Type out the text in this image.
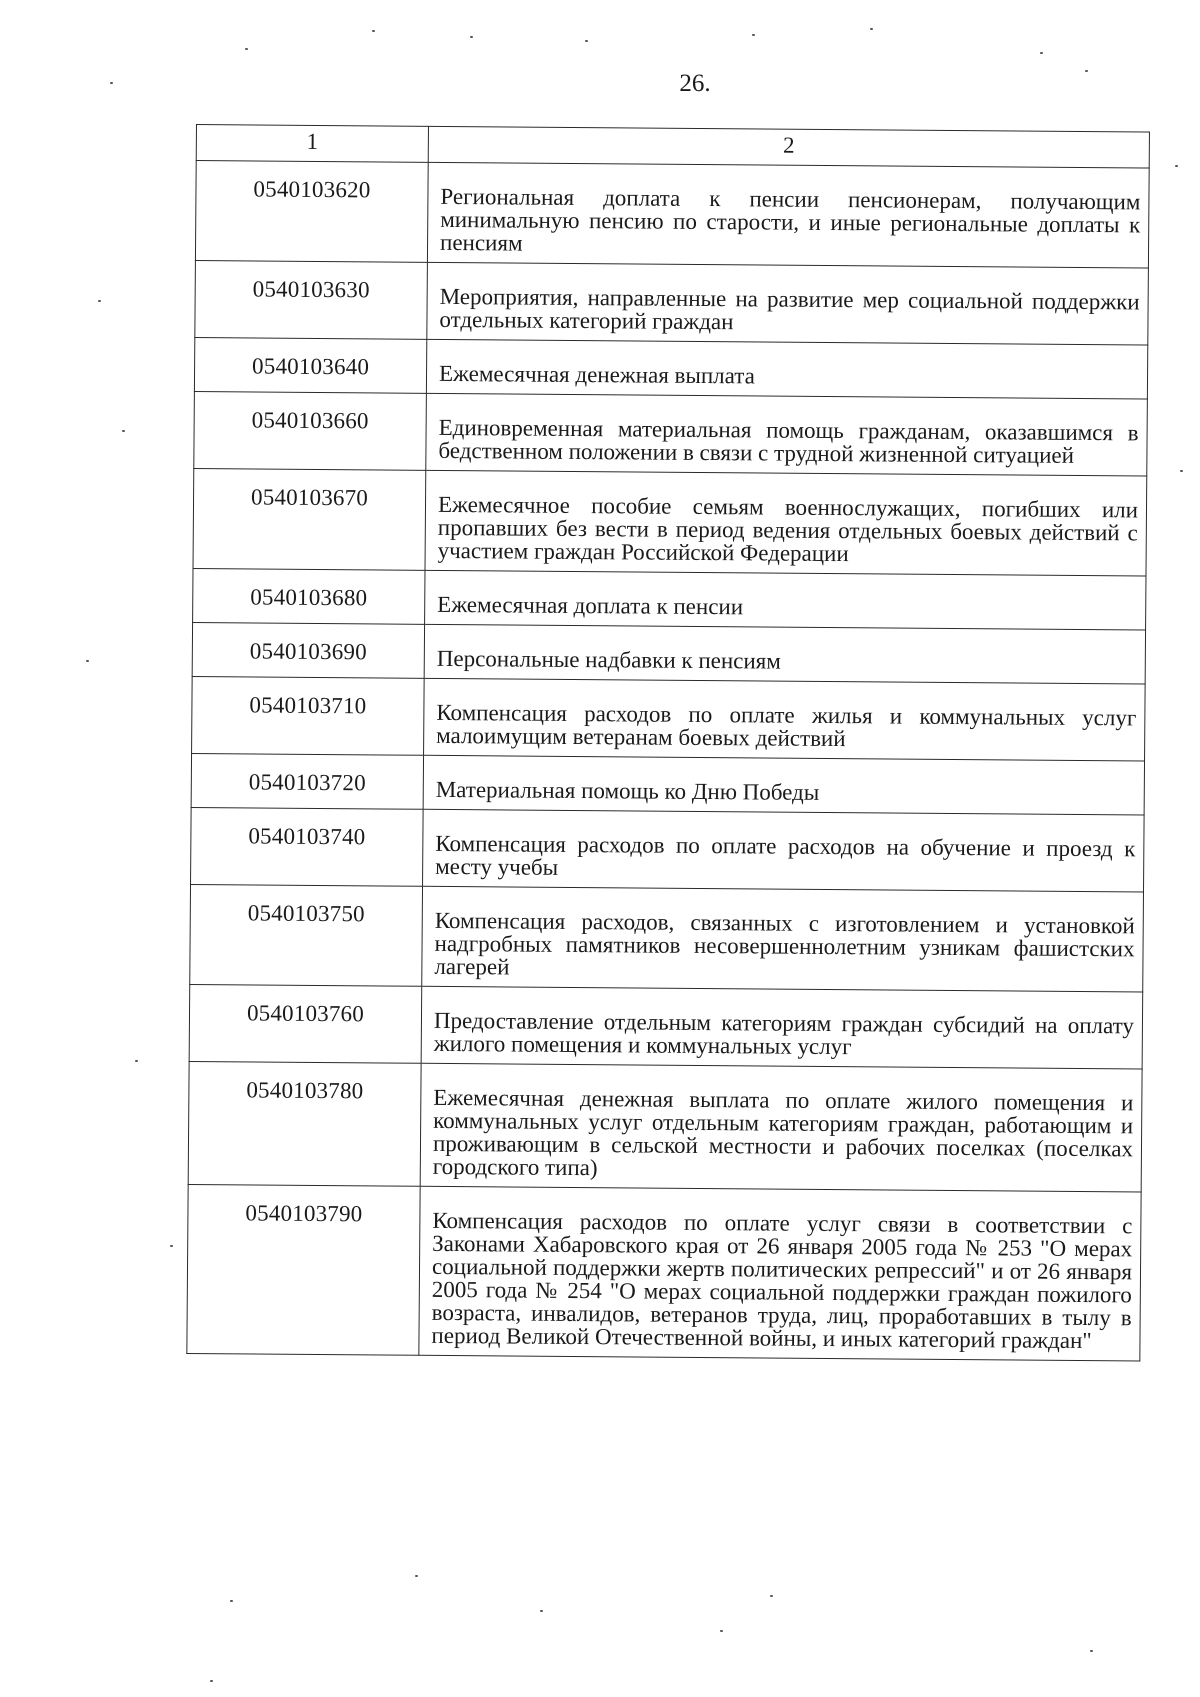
26.
1	2
0540103620	Региональная доплата к пенсии пенсионерам, получающим минимальную пенсию по старости, и иные региональные доплаты к пенсиям
0540103630	Мероприятия, направленные на развитие мер социальной поддержки отдельных категорий граждан
0540103640	Ежемесячная денежная выплата
0540103660	Единовременная материальная помощь гражданам, оказавшимся в бедственном положении в связи с трудной жизненной ситуацией
0540103670	Ежемесячное пособие семьям военнослужащих, погибших или пропавших без вести в период ведения отдельных боевых действий с участием граждан Российской Федерации
0540103680	Ежемесячная доплата к пенсии
0540103690	Персональные надбавки к пенсиям
0540103710	Компенсация расходов по оплате жилья и коммунальных услуг малоимущим ветеранам боевых действий
0540103720	Материальная помощь ко Дню Победы
0540103740	Компенсация расходов по оплате расходов на обучение и проезд к месту учебы
0540103750	Компенсация расходов, связанных с изготовлением и установкой надгробных памятников несовершеннолетним узникам фашистских лагерей
0540103760	Предоставление отдельным категориям граждан субсидий на оплату жилого помещения и коммунальных услуг
0540103780	Ежемесячная денежная выплата по оплате жилого помещения и коммунальных услуг отдельным категориям граждан, работающим и проживающим в сельской местности и рабочих поселках (поселках городского типа)
0540103790	Компенсация расходов по оплате услуг связи в соответствии с Законами Хабаровского края от 26 января 2005 года № 253 "О мерах социальной поддержки жертв политических репрессий" и от 26 января 2005 года № 254 "О мерах социальной поддержки граждан пожилого возраста, инвалидов, ветеранов труда, лиц, проработавших в тылу в период Великой Отечественной войны, и иных категорий граждан"
